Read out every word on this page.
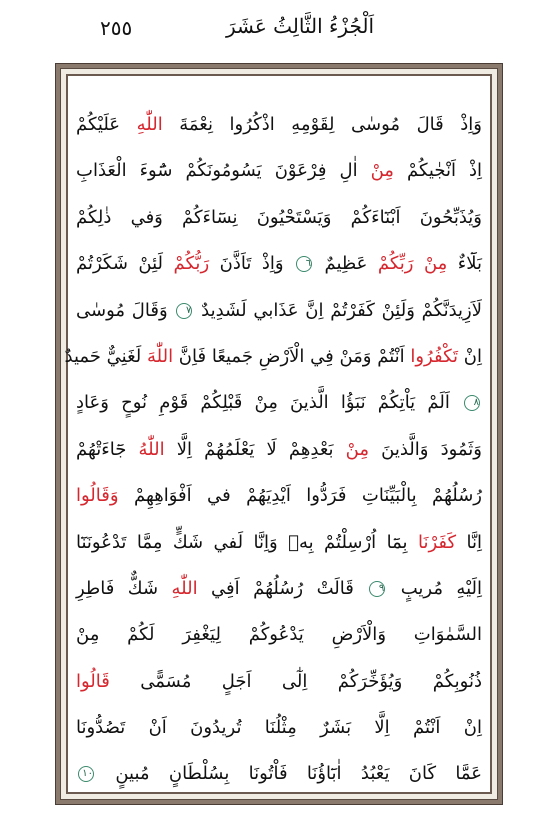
٢٥٥	اَلْجُزْءُ الثَّالِثُ عَشَرَ
وَاِذْ قَالَ مُوسٰى لِقَوْمِهِ اذْكُرُوا نِعْمَةَ اللّٰهِ عَلَيْكُمْ
اِذْ اَنْجٰيكُمْ مِنْ اٰلِ فِرْعَوْنَ يَسُومُونَكُمْ سُٓوءَ الْعَذَابِ
وَيُذَبِّحُونَ اَبْنَٓاءَكُمْ وَيَسْتَحْيُونَ نِسَٓاءَكُمْ وَفي ذٰلِكُمْ
بَلَٓاءٌ مِنْ رَبِّكُمْ عَظِيمٌ ٦ وَاِذْ تَاَذَّنَ رَبُّكُمْ لَئِنْ شَكَرْتُمْ
لَاَزِيدَنَّكُمْ وَلَئِنْ كَفَرْتُمْ اِنَّ عَذَابي لَشَدِيدٌ ٧ وَقَالَ مُوسٰى
اِنْ تَكْفُرُوا اَنْتُمْ وَمَنْ فِي الْاَرْضِ جَميعًا فَاِنَّ اللّٰهَ لَغَنِيٌّ حَميدٌ
٨ اَلَمْ يَاْتِكُمْ نَبَؤُا الَّذينَ مِنْ قَبْلِكُمْ قَوْمِ نُوحٍ وَعَادٍ
وَثَمُودَ وَالَّذينَ مِنْ بَعْدِهِمْ لَا يَعْلَمُهُمْ اِلَّا اللّٰهُ جَٓاءَتْهُمْ
رُسُلُهُمْ بِالْبَيِّنَاتِ فَرَدُّوا اَيْدِيَهُمْ في اَفْوَاهِهِمْ وَقَالُوا
اِنَّا كَفَرْنَا بِمَٓا اُرْسِلْتُمْ بِه۪ وَاِنَّا لَفي شَكٍّ مِمَّا تَدْعُونَنَٓا
اِلَيْهِ مُريبٍ ٩ قَالَتْ رُسُلُهُمْ اَفِي اللّٰهِ شَكٌّ فَاطِرِ
السَّمٰوَاتِ وَالْاَرْضِ يَدْعُوكُمْ لِيَغْفِرَ لَكُمْ مِنْ
ذُنُوبِكُمْ وَيُؤَخِّرَكُمْ اِلٰٓى اَجَلٍ مُسَمًّى قَالُوا
اِنْ اَنْتُمْ اِلَّا بَشَرٌ مِثْلُنَا تُريدُونَ اَنْ تَصُدُّونَا
عَمَّا كَانَ يَعْبُدُ اٰبَٓاؤُنَا فَاْتُونَا بِسُلْطَانٍ مُبينٍ ١٠
